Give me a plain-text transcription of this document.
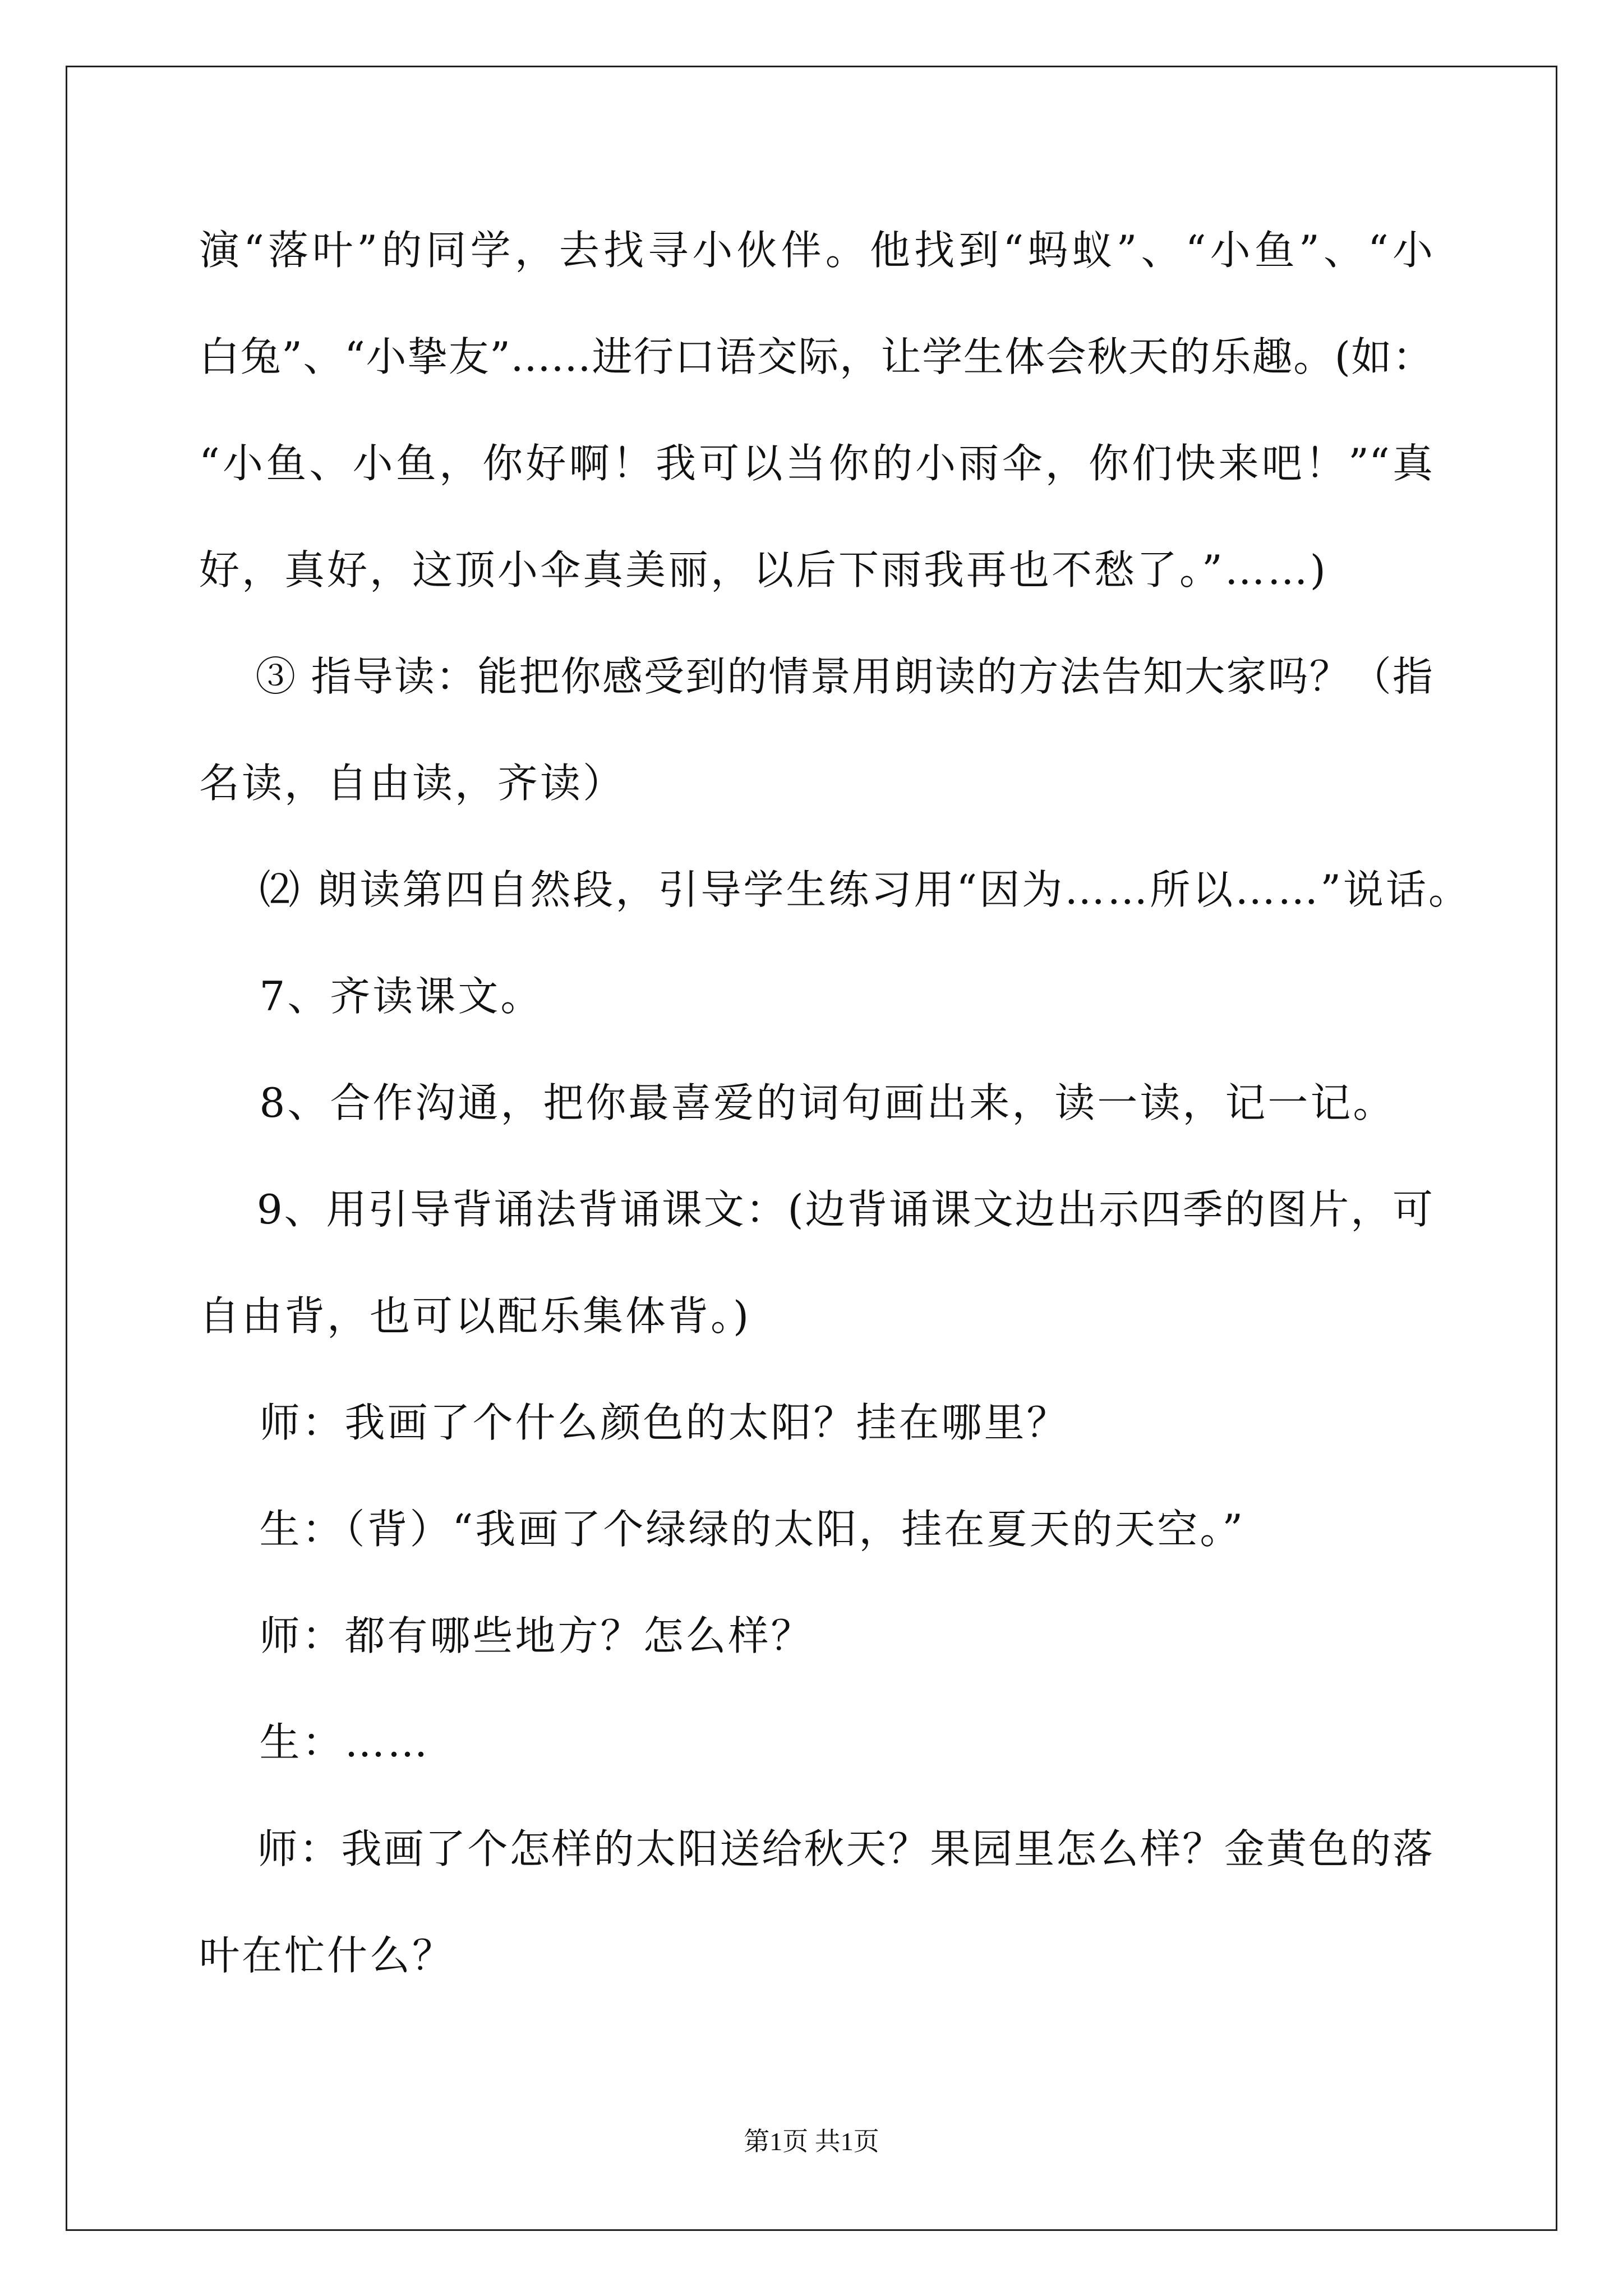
演“落叶”的同学，去找寻小伙伴。他找到“蚂蚁”、“小鱼”、“小
白兔”、“小挚友”……进行口语交际，让学生体会秋天的乐趣。(如：
“小鱼、小鱼，你好啊！我可以当你的小雨伞，你们快来吧！”“真
好，真好，这顶小伞真美丽，以后下雨我再也不愁了。”……)
③ 指导读：能把你感受到的情景用朗读的方法告知大家吗？（指
名读，自由读，齐读）
⑵ 朗读第四自然段，引导学生练习用“因为……所以……”说话。
7、齐读课文。
8、合作沟通，把你最喜爱的词句画出来，读一读，记一记。
9、用引导背诵法背诵课文：(边背诵课文边出示四季的图片，可
自由背，也可以配乐集体背。)
师：我画了个什么颜色的太阳？挂在哪里？
生：（背）“我画了个绿绿的太阳，挂在夏天的天空。”
师：都有哪些地方？怎么样？
生：……
师：我画了个怎样的太阳送给秋天？果园里怎么样？金黄色的落
叶在忙什么？
第1页 共1页
